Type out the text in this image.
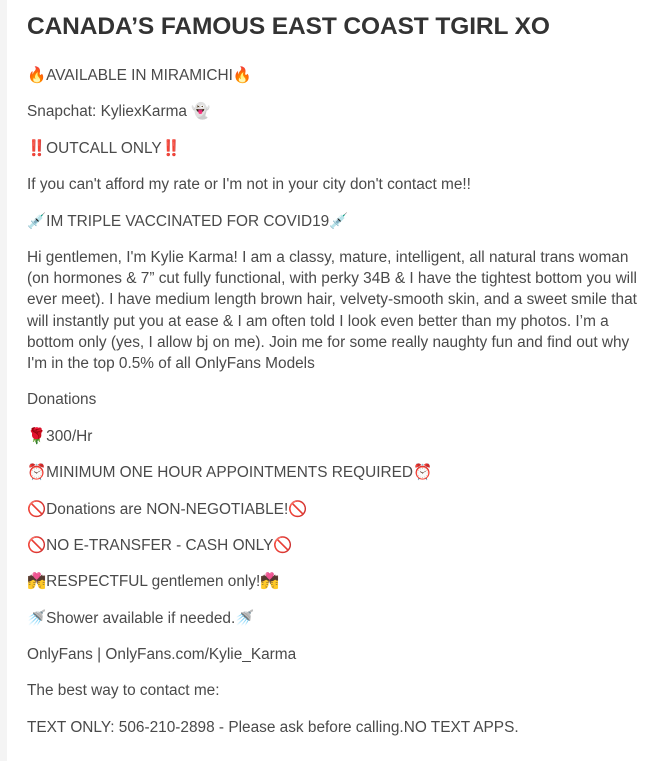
CANADA’S FAMOUS EAST COAST TGIRL XO

🔥AVAILABLE IN MIRAMICHI🔥

Snapchat: KyliexKarma 👻

‼️OUTCALL ONLY‼️

If you can't afford my rate or I'm not in your city don't contact me!!

💉IM TRIPLE VACCINATED FOR COVID19💉

Hi gentlemen, I'm Kylie Karma! I am a classy, mature, intelligent, all natural trans woman (on hormones & 7” cut fully functional, with perky 34B & I have the tightest bottom you will ever meet). I have medium length brown hair, velvety-smooth skin, and a sweet smile that will instantly put you at ease & I am often told I look even better than my photos. I’m a bottom only (yes, I allow bj on me). Join me for some really naughty fun and find out why I'm in the top 0.5% of all OnlyFans Models

Donations

🌹300/Hr

⏰MINIMUM ONE HOUR APPOINTMENTS REQUIRED⏰

🚫Donations are NON-NEGOTIABLE!🚫

🚫NO E-TRANSFER - CASH ONLY🚫

💏RESPECTFUL gentlemen only!💏

🚿Shower available if needed.🚿

OnlyFans | OnlyFans.com/Kylie_Karma

The best way to contact me:

TEXT ONLY: 506-210-2898 - Please ask before calling.NO TEXT APPS.
